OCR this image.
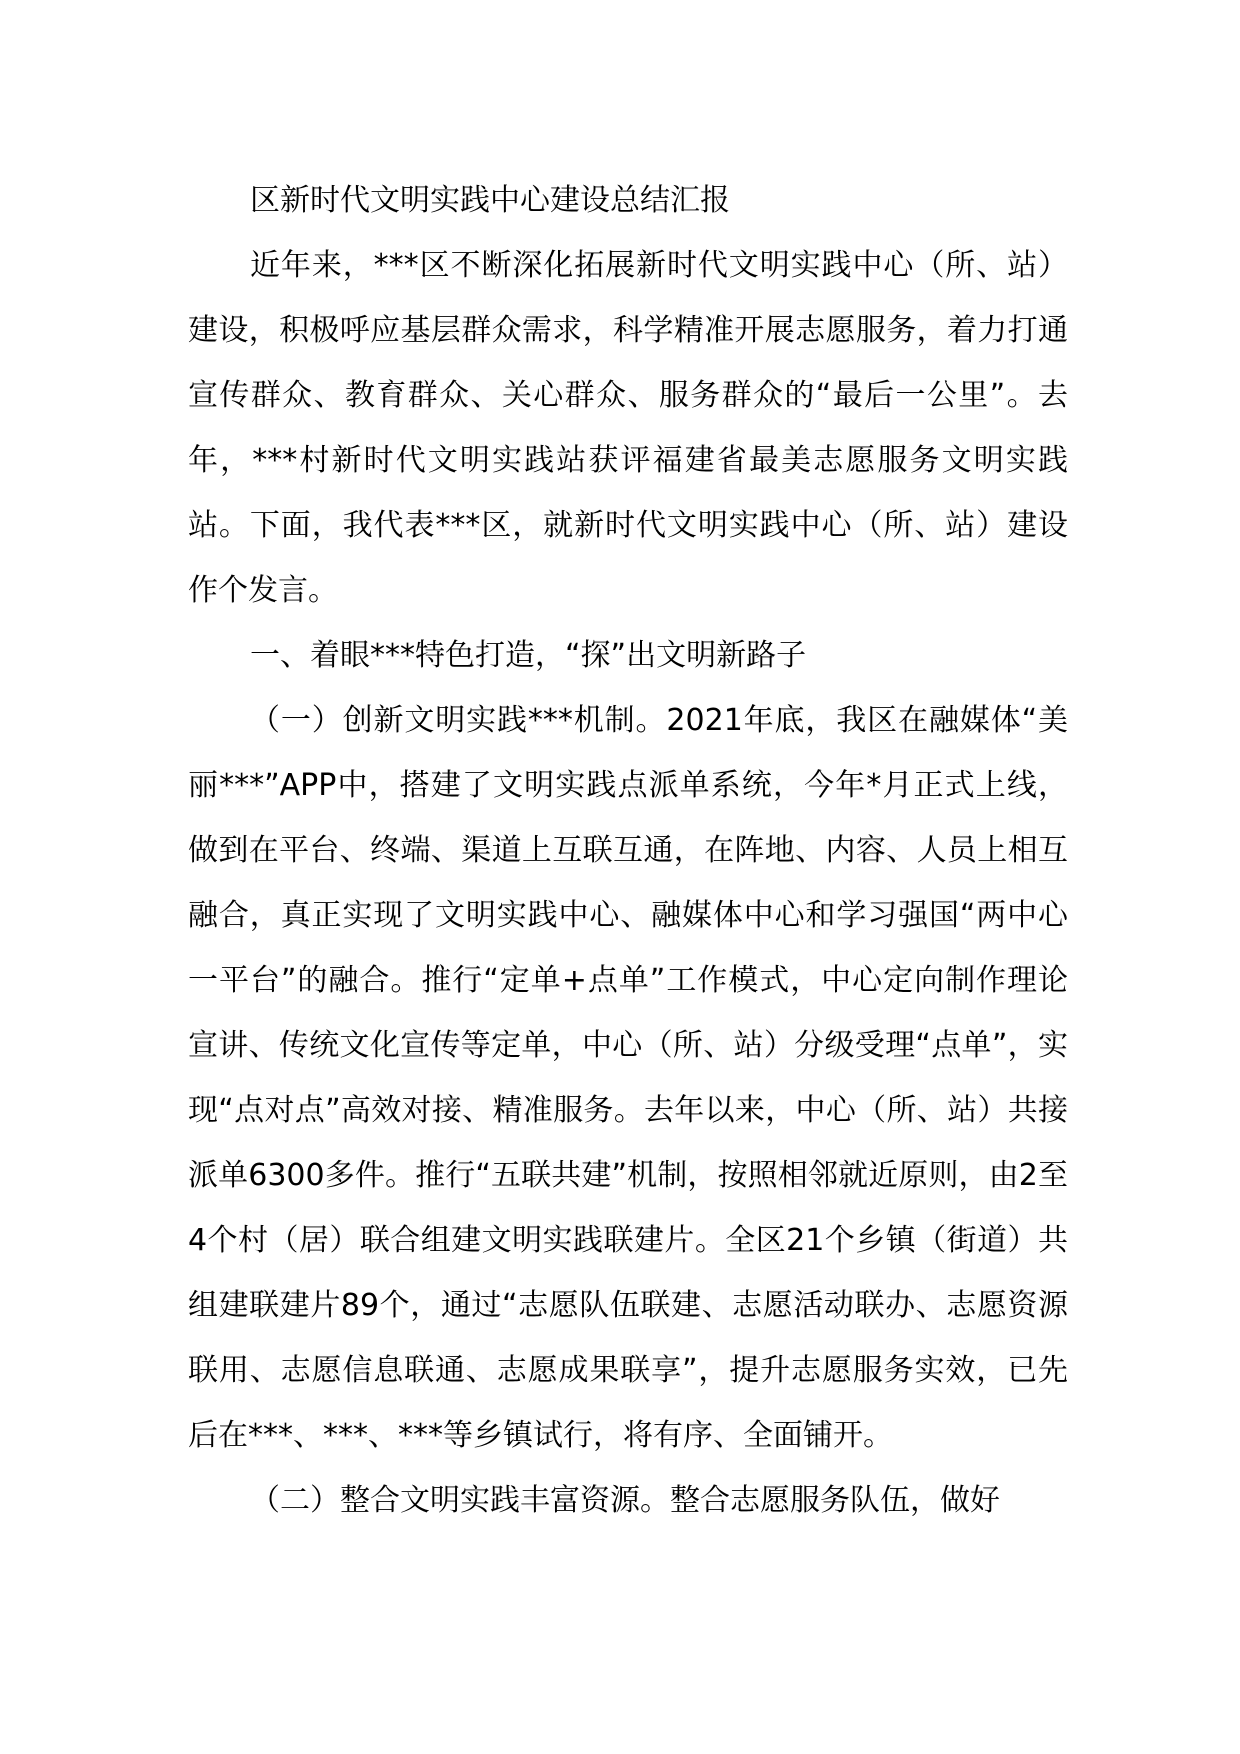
区新时代文明实践中心建设总结汇报

近年来，***区不断深化拓展新时代文明实践中心（所、站）建设，积极呼应基层群众需求，科学精准开展志愿服务，着力打通宣传群众、教育群众、关心群众、服务群众的“最后一公里”。去年，***村新时代文明实践站获评福建省最美志愿服务文明实践站。下面，我代表***区，就新时代文明实践中心（所、站）建设作个发言。

一、着眼***特色打造，“探”出文明新路子

（一）创新文明实践***机制。2021年底，我区在融媒体“美丽***”APP中，搭建了文明实践点派单系统，今年*月正式上线，做到在平台、终端、渠道上互联互通，在阵地、内容、人员上相互融合，真正实现了文明实践中心、融媒体中心和学习强国“两中心一平台”的融合。推行“定单+点单”工作模式，中心定向制作理论宣讲、传统文化宣传等定单，中心（所、站）分级受理“点单”，实现“点对点”高效对接、精准服务。去年以来，中心（所、站）共接派单6300多件。推行“五联共建”机制，按照相邻就近原则，由2至4个村（居）联合组建文明实践联建片。全区21个乡镇（街道）共组建联建片89个，通过“志愿队伍联建、志愿活动联办、志愿资源联用、志愿信息联通、志愿成果联享”，提升志愿服务实效，已先后在***、***、***等乡镇试行，将有序、全面铺开。

（二）整合文明实践丰富资源。整合志愿服务队伍，做好
